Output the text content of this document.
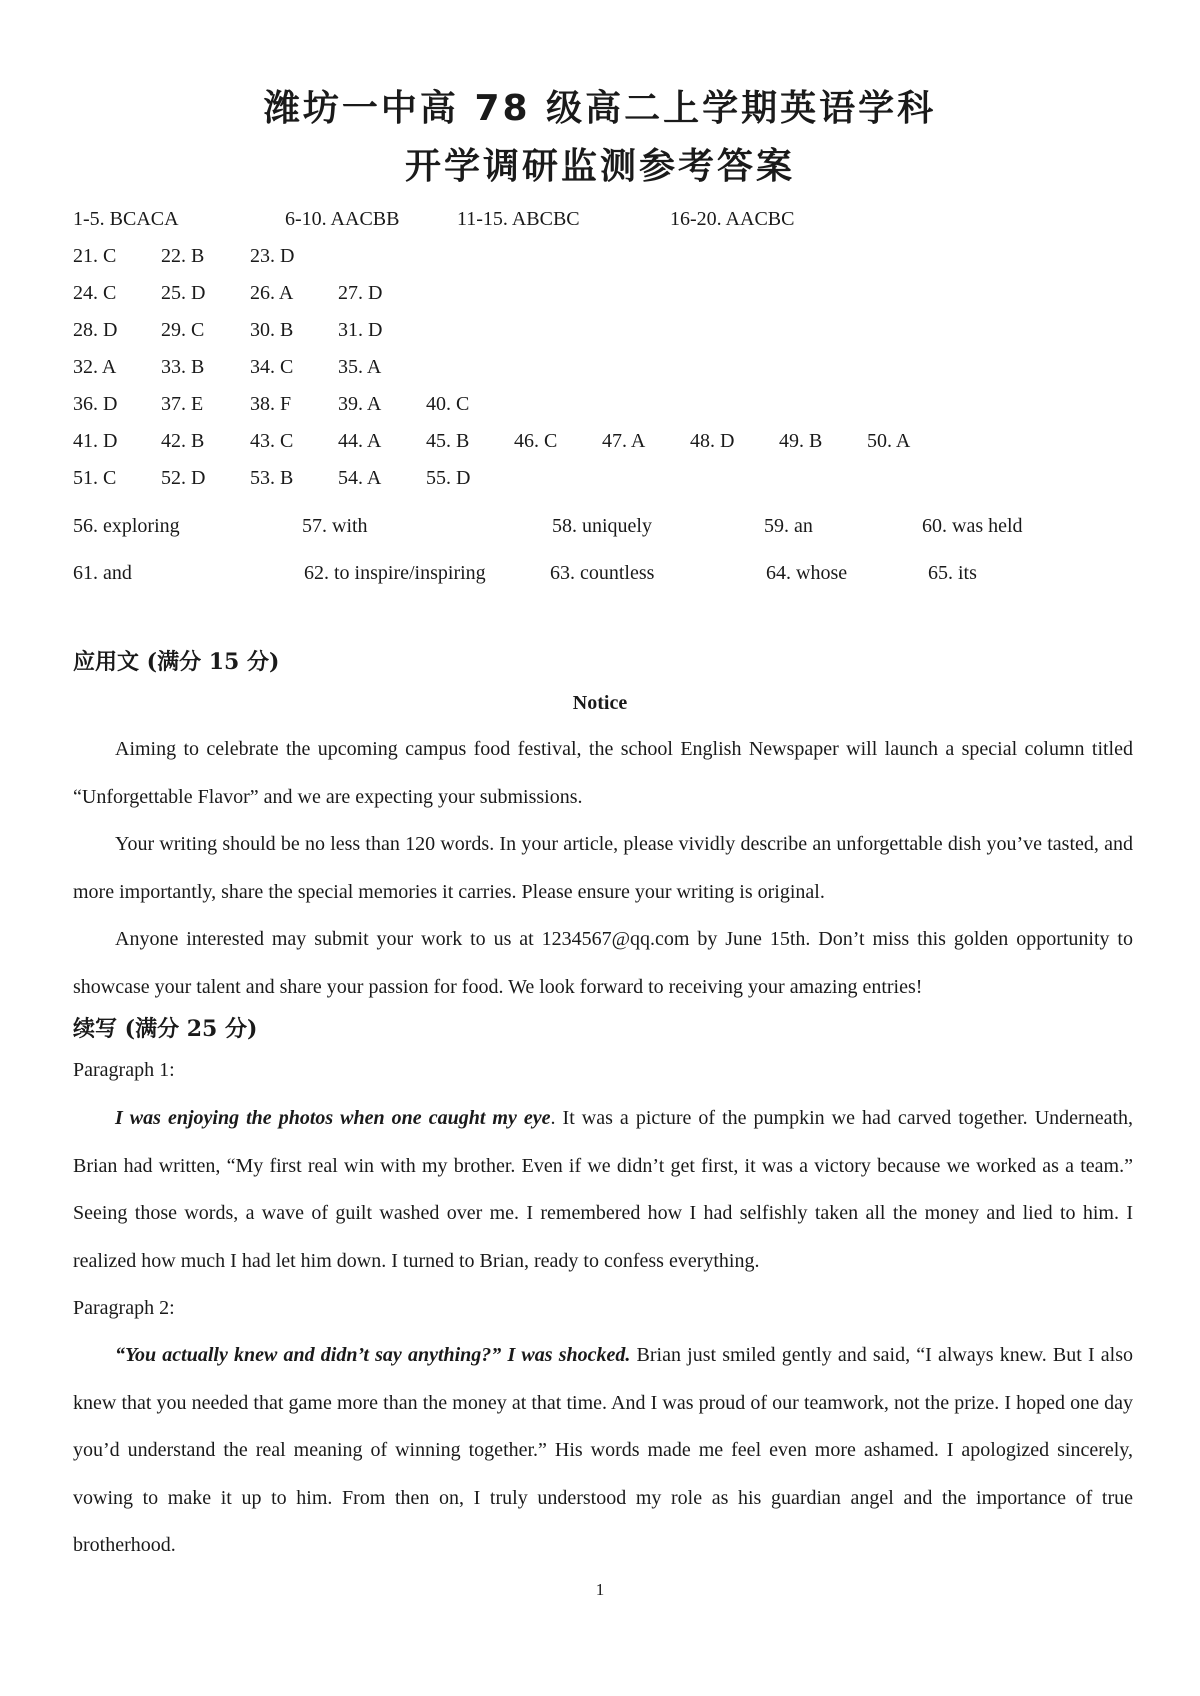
潍坊一中高 78 级高二上学期英语学科
开学调研监测参考答案
1-5. BCACA	6-10. AACBB	11-15. ABCBC	16-20. AACBC
21. C 22. B 23. D
24. C 25. D 26. A 27. D
28. D 29. C 30. B 31. D
32. A 33. B 34. C 35. A
36. D 37. E 38. F 39. A 40. C
41. D 42. B 43. C 44. A 45. B 46. C 47. A 48. D 49. B 50. A
51. C 52. D 53. B 54. A 55. D
56. exploring	57. with	58. uniquely	59. an	60. was held
61. and	62. to inspire/inspiring	63. countless	64. whose	65. its
应用文 (满分 15 分)
Notice
Aiming to celebrate the upcoming campus food festival, the school English Newspaper will launch a special column titled “Unforgettable Flavor” and we are expecting your submissions.
Your writing should be no less than 120 words. In your article, please vividly describe an unforgettable dish you’ve tasted, and more importantly, share the special memories it carries. Please ensure your writing is original.
Anyone interested may submit your work to us at 1234567@qq.com by June 15th. Don’t miss this golden opportunity to showcase your talent and share your passion for food. We look forward to receiving your amazing entries!
续写 (满分 25 分)
Paragraph 1:
I was enjoying the photos when one caught my eye. It was a picture of the pumpkin we had carved together. Underneath, Brian had written, “My first real win with my brother. Even if we didn’t get first, it was a victory because we worked as a team.” Seeing those words, a wave of guilt washed over me. I remembered how I had selfishly taken all the money and lied to him. I realized how much I had let him down. I turned to Brian, ready to confess everything.
Paragraph 2:
“You actually knew and didn’t say anything?” I was shocked. Brian just smiled gently and said, “I always knew. But I also knew that you needed that game more than the money at that time. And I was proud of our teamwork, not the prize. I hoped one day you’d understand the real meaning of winning together.” His words made me feel even more ashamed. I apologized sincerely, vowing to make it up to him. From then on, I truly understood my role as his guardian angel and the importance of true brotherhood.
1
